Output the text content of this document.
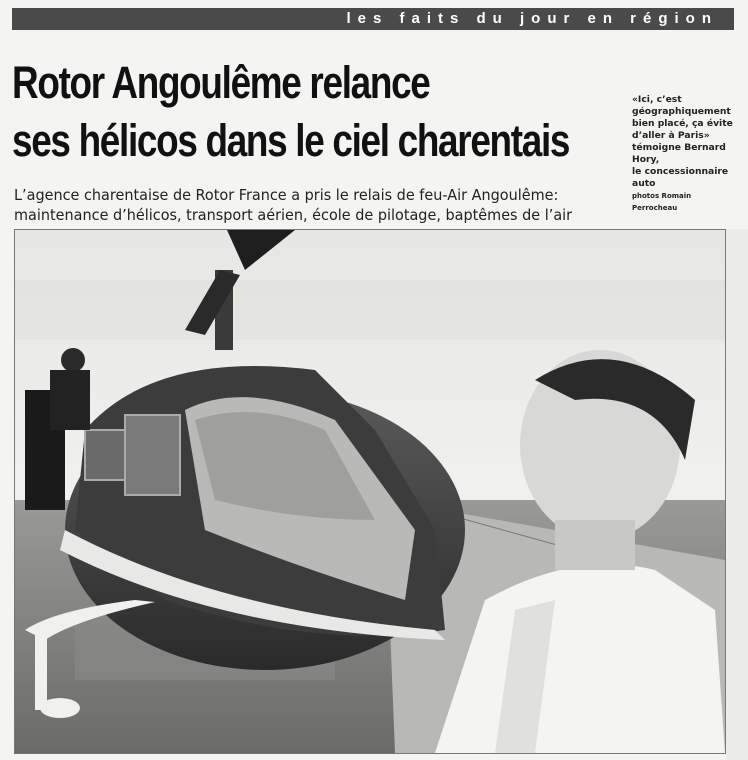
les faits du jour en région
Rotor Angoulême relance
ses hélicos dans le ciel charentais
L’agence charentaise de Rotor France a pris le relais de feu-Air Angoulême:
maintenance d’hélicos, transport aérien, école de pilotage, baptêmes de l’air
«Ici, c’est
géographiquement
bien placé, ça évite
d’aller à Paris»
témoigne Bernard
Hory,
le concessionnaire
auto
photos Romain
Perrocheau
